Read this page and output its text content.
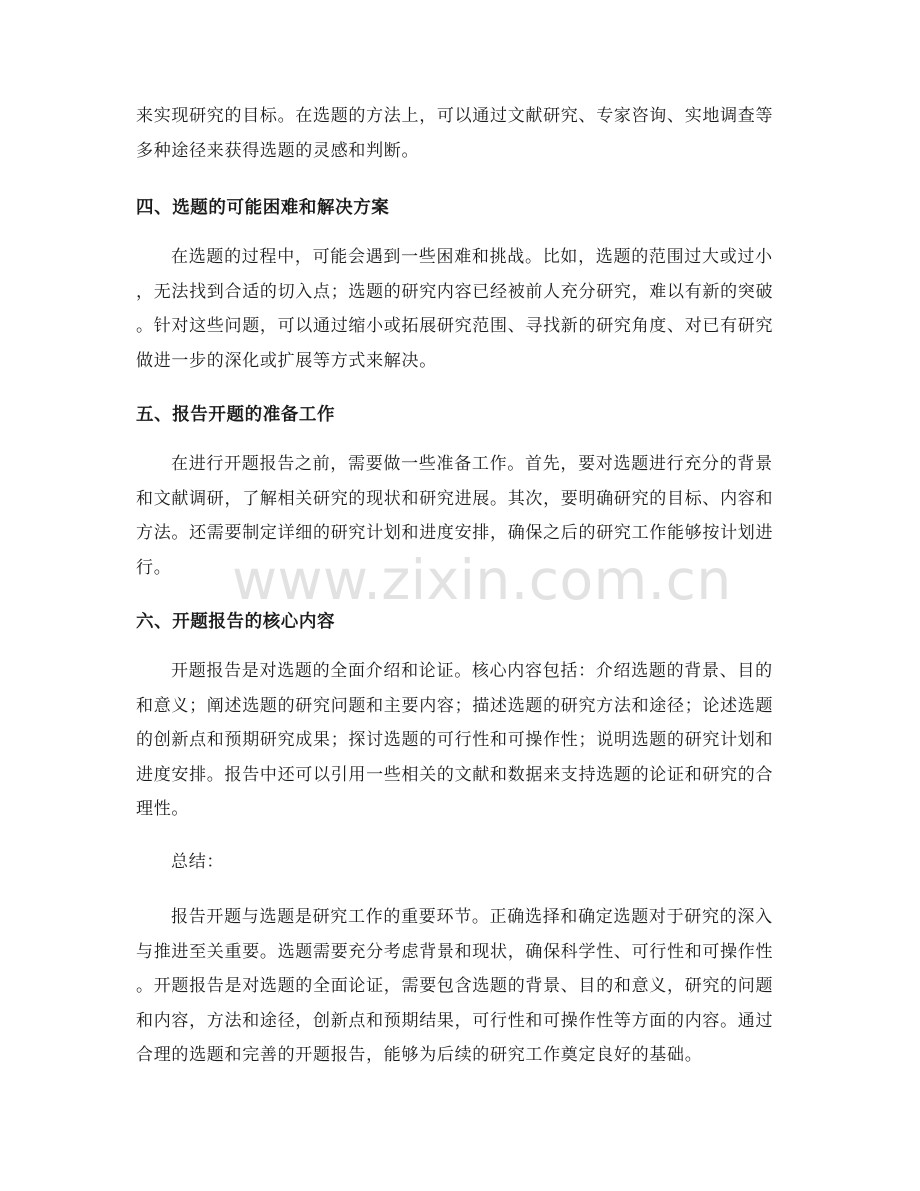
来实现研究的目标。在选题的方法上，可以通过文献研究、专家咨询、实地调查等
多种途径来获得选题的灵感和判断。
四、选题的可能困难和解决方案
在选题的过程中，可能会遇到一些困难和挑战。比如，选题的范围过大或过小
，无法找到合适的切入点；选题的研究内容已经被前人充分研究，难以有新的突破
。针对这些问题，可以通过缩小或拓展研究范围、寻找新的研究角度、对已有研究
做进一步的深化或扩展等方式来解决。
五、报告开题的准备工作
在进行开题报告之前，需要做一些准备工作。首先，要对选题进行充分的背景
和文献调研，了解相关研究的现状和研究进展。其次，要明确研究的目标、内容和
方法。还需要制定详细的研究计划和进度安排，确保之后的研究工作能够按计划进
行。
六、开题报告的核心内容
开题报告是对选题的全面介绍和论证。核心内容包括：介绍选题的背景、目的
和意义；阐述选题的研究问题和主要内容；描述选题的研究方法和途径；论述选题
的创新点和预期研究成果；探讨选题的可行性和可操作性；说明选题的研究计划和
进度安排。报告中还可以引用一些相关的文献和数据来支持选题的论证和研究的合
理性。
总结：
报告开题与选题是研究工作的重要环节。正确选择和确定选题对于研究的深入
与推进至关重要。选题需要充分考虑背景和现状，确保科学性、可行性和可操作性
。开题报告是对选题的全面论证，需要包含选题的背景、目的和意义，研究的问题
和内容，方法和途径，创新点和预期结果，可行性和可操作性等方面的内容。通过
合理的选题和完善的开题报告，能够为后续的研究工作奠定良好的基础。
www.zixin.com.cn
